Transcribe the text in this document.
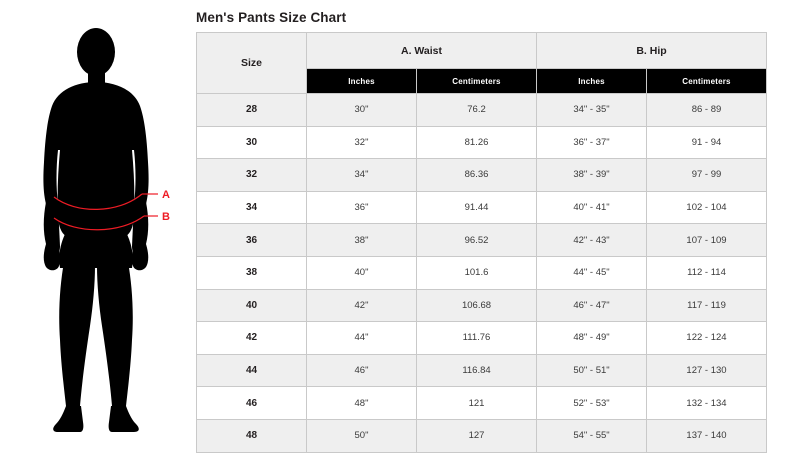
A
B
Men's Pants Size Chart
Size	A. Waist		B. Hip	
	Inches	Centimeters	Inches	Centimeters
28	30"	76.2	34" - 35"	86 - 89
30	32"	81.26	36" - 37"	91 - 94
32	34"	86.36	38" - 39"	97 - 99
34	36"	91.44	40" - 41"	102 - 104
36	38"	96.52	42" - 43"	107 - 109
38	40"	101.6	44" - 45"	112 - 114
40	42"	106.68	46" - 47"	117 - 119
42	44"	111.76	48" - 49"	122 - 124
44	46"	116.84	50" - 51"	127 - 130
46	48"	121	52" - 53"	132 - 134
48	50"	127	54" - 55"	137 - 140
